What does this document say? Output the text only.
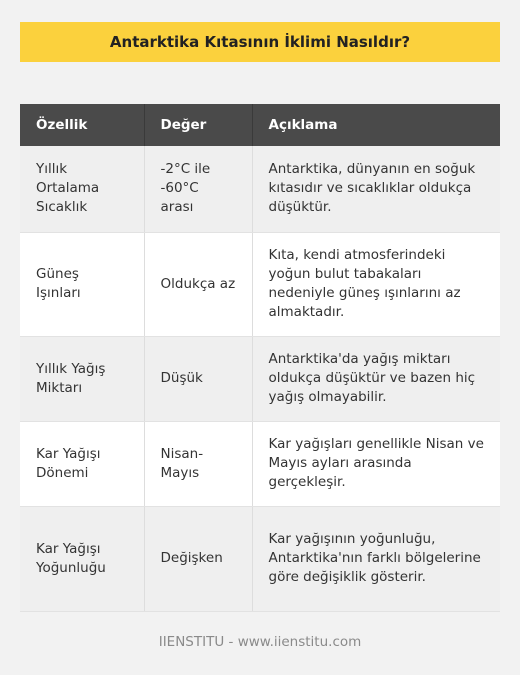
Antarktika Kıtasının İklimi Nasıldır?
Özellik	Değer	Açıklama
Yıllık Ortalama Sıcaklık	-2°C ile -60°C arası	Antarktika, dünyanın en soğuk kıtasıdır ve sıcaklıklar oldukça düşüktür.
Güneş Işınları	Oldukça az	Kıta, kendi atmosferindeki yoğun bulut tabakaları nedeniyle güneş ışınlarını az almaktadır.
Yıllık Yağış Miktarı	Düşük	Antarktika'da yağış miktarı oldukça düşüktür ve bazen hiç yağış olmayabilir.
Kar Yağışı Dönemi	Nisan-Mayıs	Kar yağışları genellikle Nisan ve Mayıs ayları arasında gerçekleşir.
Kar Yağışı Yoğunluğu	Değişken	Kar yağışının yoğunluğu, Antarktika'nın farklı bölgelerine göre değişiklik gösterir.
IIENSTITU - www.iienstitu.com
